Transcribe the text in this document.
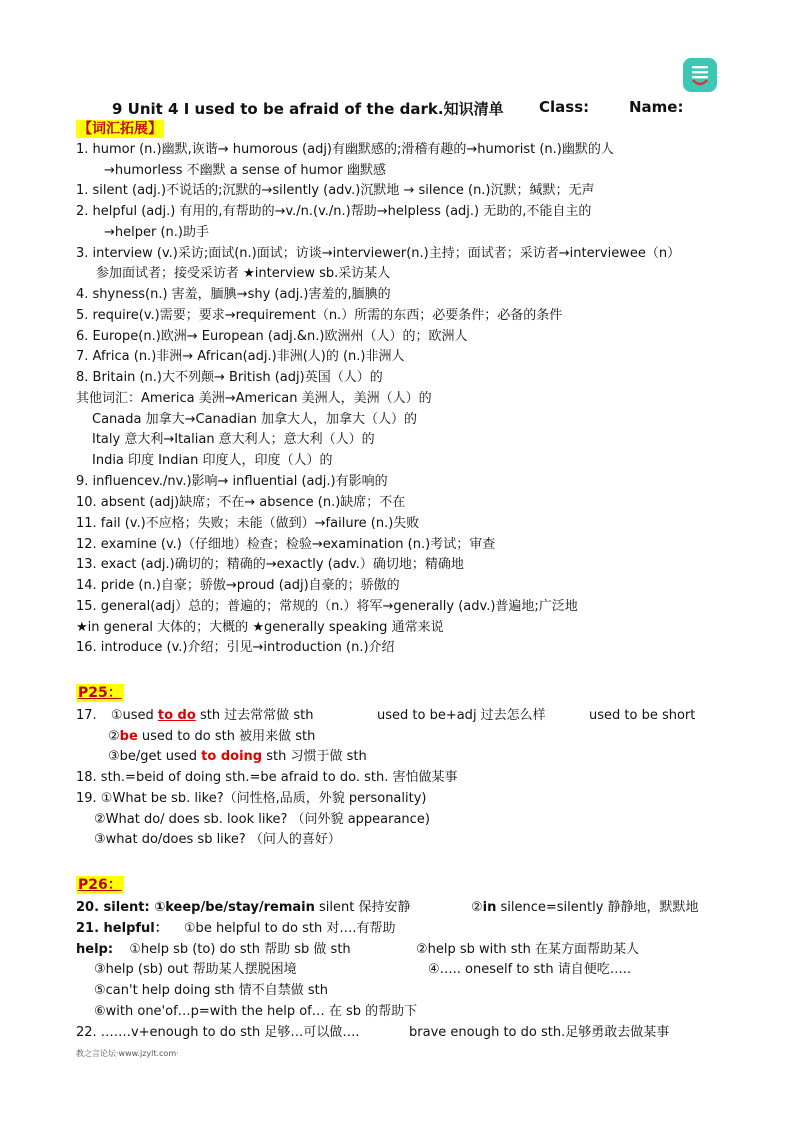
9 Unit 4 I used to be afraid of the dark.知识清单 Class:	Name:
【词汇拓展】
1. humor (n.)幽默,诙谐→ humorous (adj)有幽默感的;滑稽有趣的→humorist (n.)幽默的人
→humorless 不幽默 a sense of humor 幽默感
1. silent (adj.)不说话的;沉默的→silently (adv.)沉默地 → silence (n.)沉默；缄默；无声
2. helpful (adj.) 有用的,有帮助的→v./n.(v./n.)帮助→helpless (adj.) 无助的,不能自主的
→helper (n.)助手
3. interview (v.)采访;面试(n.)面试；访谈→interviewer(n.)主持；面试者；采访者→interviewee（n）
参加面试者；接受采访者 ★interview sb.采访某人
4. shyness(n.) 害羞，腼腆→shy (adj.)害羞的,腼腆的
5. require(v.)需要；要求→requirement（n.）所需的东西；必要条件；必备的条件
6. Europe(n.)欧洲→ European (adj.&n.)欧洲州（人）的；欧洲人
7. Africa (n.)非洲→ African(adj.)非洲(人)的 (n.)非洲人
8. Britain (n.)大不列颠→ British (adj)英国（人）的
其他词汇：America 美洲→American 美洲人，美洲（人）的
Canada 加拿大→Canadian 加拿大人，加拿大（人）的
Italy 意大利→Italian 意大利人；意大利（人）的
India 印度 Indian 印度人，印度（人）的
9. influencev./nv.)影响→ influential (adj.)有影响的
10. absent (adj)缺席；不在→ absence (n.)缺席；不在
11. fail (v.)不应格；失败；未能（做到）→failure (n.)失败
12. examine (v.)（仔细地）检查；检验→examination (n.)考试；审查
13. exact (adj.)确切的；精确的→exactly (adv.）确切地；精确地
14. pride (n.)自豪；骄傲→proud (adj)自豪的；骄傲的
15. general(adj）总的；普遍的；常规的（n.）将军→generally (adv.)普遍地;广泛地
★in general 大体的；大概的 ★generally speaking 通常来说
16. introduce (v.)介绍；引见→introduction (n.)介绍
P25：
17. ①used to do sth 过去常常做 sth	used to be+adj 过去怎么样	used to be short
②be used to do sth 被用来做 sth
③be/get used to doing sth 习惯于做 sth
18. sth.=beid of doing sth.=be afraid to do. sth. 害怕做某事
19. ①What be sb. like?（问性格,品质，外貌 personality)
②What do/ does sb. look like? （问外貌 appearance)
③what do/does sb like? （问人的喜好）
P26：
20. silent: ①keep/be/stay/remain silent 保持安静	②in silence=silently 静静地，默默地
21. helpful： ①be helpful to do sth 对….有帮助
help: ①help sb (to) do sth 帮助 sb 做 sth	②help sb with sth 在某方面帮助某人
③help (sb) out 帮助某人摆脱困境	④….. oneself to sth 请自便吃…..
⑤can't help doing sth 情不自禁做 sth
⑥with one'of…p=with the help of… 在 sb 的帮助下
22. …….v+enough to do sth 足够…可以做….	brave enough to do sth.足够勇敢去做某事
教之言论坛·www.jzylt.com·
